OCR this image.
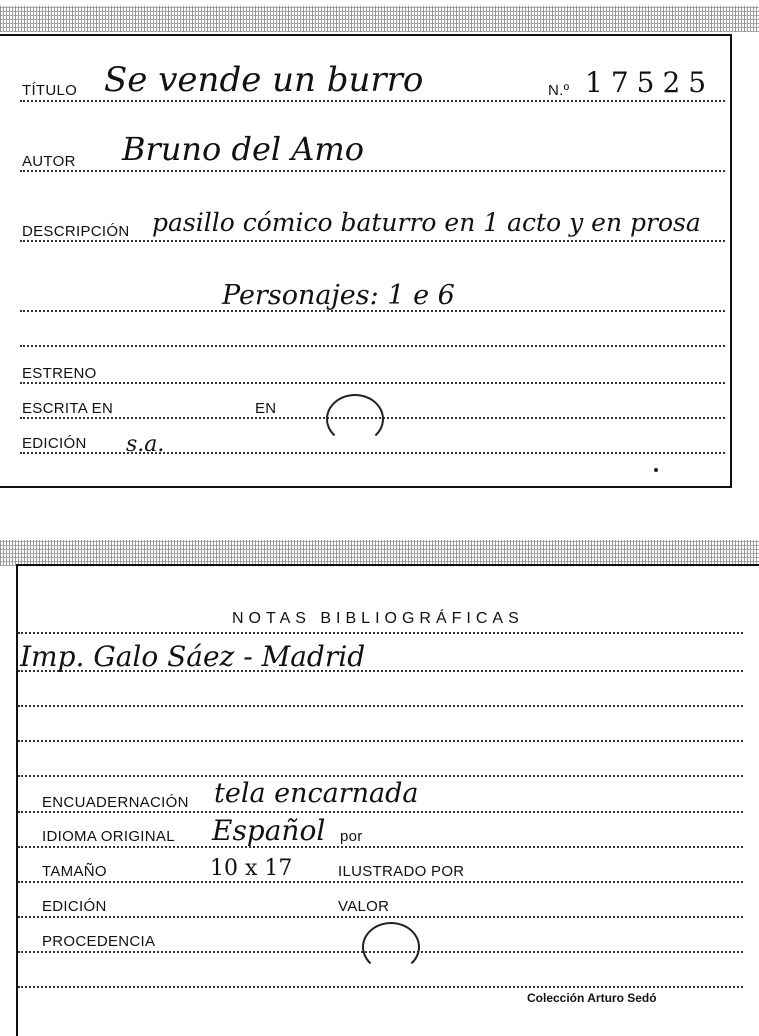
TÍTULO Se vende un burro	N.º 17525
AUTOR Bruno del Amo
DESCRIPCIÓN pasillo cómico baturro en 1 acto y en prosa
Personajes: 1 e 6
ESTRENO
ESCRITA EN	EN
EDICIÓN s.a.
NOTAS BIBLIOGRÁFICAS
Imp. Galo Sáez - Madrid
ENCUADERNACIÓN tela encarnada
IDIOMA ORIGINAL Español por
TAMAÑO	10 x 17	ILUSTRADO POR
EDICIÓN	VALOR
PROCEDENCIA
Colección Arturo Sedó
